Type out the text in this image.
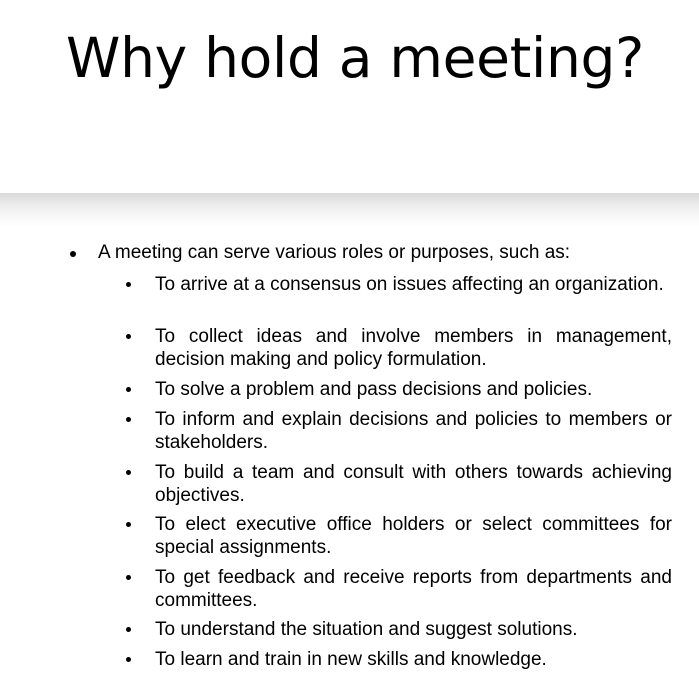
Why hold a meeting?

A meeting can serve various roles or purposes, such as:

To arrive at a consensus on issues affecting an organization.

To collect ideas and involve members in management, decision making and policy formulation.

To solve a problem and pass decisions and policies.

To inform and explain decisions and policies to members or stakeholders.

To build a team and consult with others towards achieving objectives.

To elect executive office holders or select committees for special assignments.

To get feedback and receive reports from departments and committees.

To understand the situation and suggest solutions.

To learn and train in new skills and knowledge.
